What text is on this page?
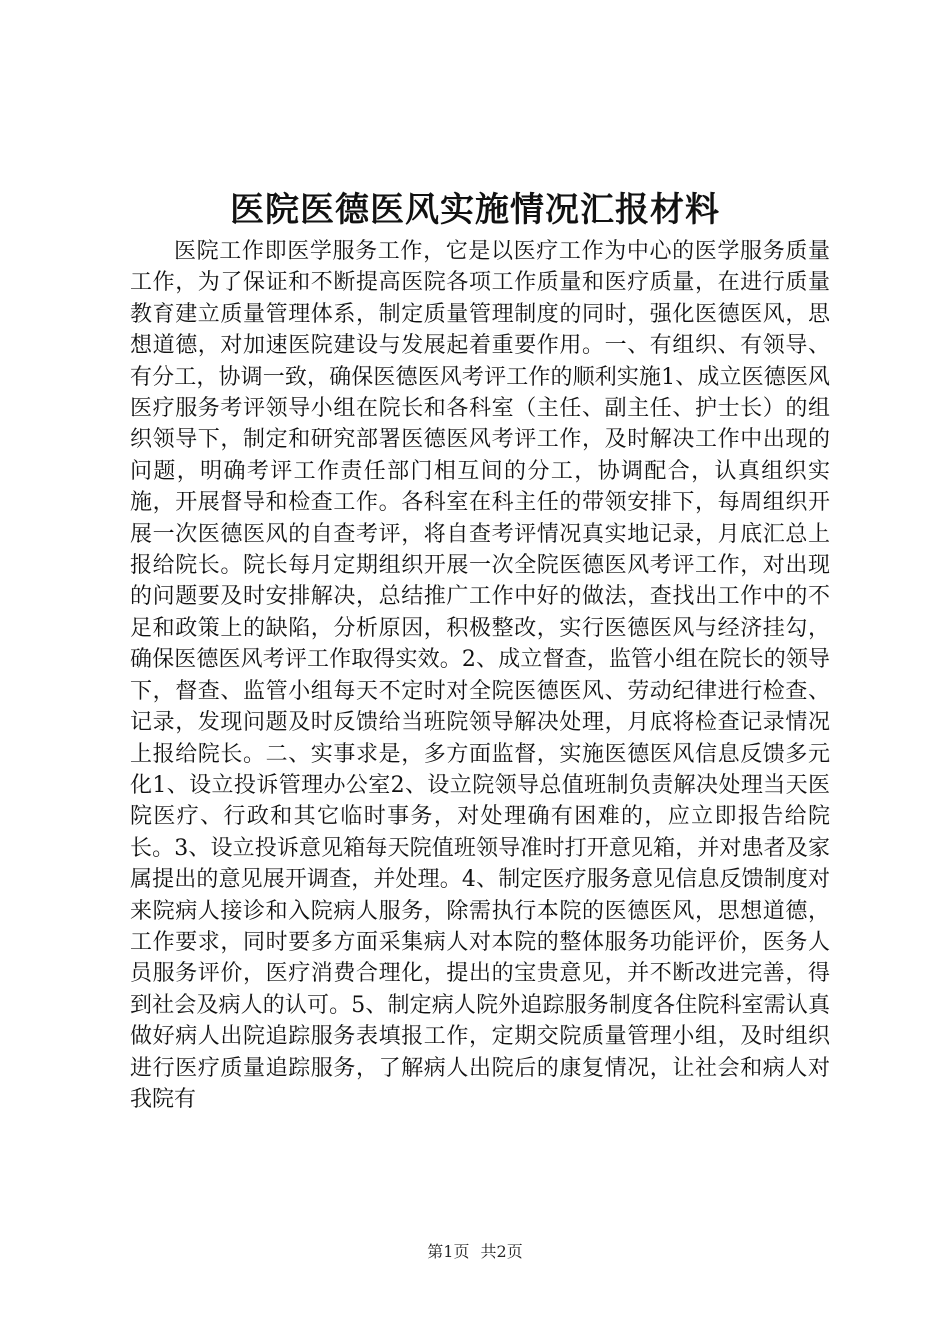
医院医德医风实施情况汇报材料

医院工作即医学服务工作，它是以医疗工作为中心的医学服务质量工作，为了保证和不断提高医院各项工作质量和医疗质量，在进行质量教育建立质量管理体系，制定质量管理制度的同时，强化医德医风，思想道德，对加速医院建设与发展起着重要作用。一、有组织、有领导、有分工，协调一致，确保医德医风考评工作的顺利实施1、成立医德医风医疗服务考评领导小组在院长和各科室（主任、副主任、护士长）的组织领导下，制定和研究部署医德医风考评工作，及时解决工作中出现的问题，明确考评工作责任部门相互间的分工，协调配合，认真组织实施，开展督导和检查工作。各科室在科主任的带领安排下，每周组织开展一次医德医风的自查考评，将自查考评情况真实地记录，月底汇总上报给院长。院长每月定期组织开展一次全院医德医风考评工作，对出现的问题要及时安排解决，总结推广工作中好的做法，查找出工作中的不足和政策上的缺陷，分析原因，积极整改，实行医德医风与经济挂勾，确保医德医风考评工作取得实效。2、成立督查，监管小组在院长的领导下，督查、监管小组每天不定时对全院医德医风、劳动纪律进行检查、记录，发现问题及时反馈给当班院领导解决处理，月底将检查记录情况上报给院长。二、实事求是，多方面监督，实施医德医风信息反馈多元化1、设立投诉管理办公室2、设立院领导总值班制负责解决处理当天医院医疗、行政和其它临时事务，对处理确有困难的，应立即报告给院长。3、设立投诉意见箱每天院值班领导准时打开意见箱，并对患者及家属提出的意见展开调查，并处理。4、制定医疗服务意见信息反馈制度对来院病人接诊和入院病人服务，除需执行本院的医德医风，思想道德，工作要求，同时要多方面采集病人对本院的整体服务功能评价，医务人员服务评价，医疗消费合理化，提出的宝贵意见，并不断改进完善，得到社会及病人的认可。5、制定病人院外追踪服务制度各住院科室需认真做好病人出院追踪服务表填报工作，定期交院质量管理小组，及时组织进行医疗质量追踪服务，了解病人出院后的康复情况，让社会和病人对我院有

第1页 共2页
